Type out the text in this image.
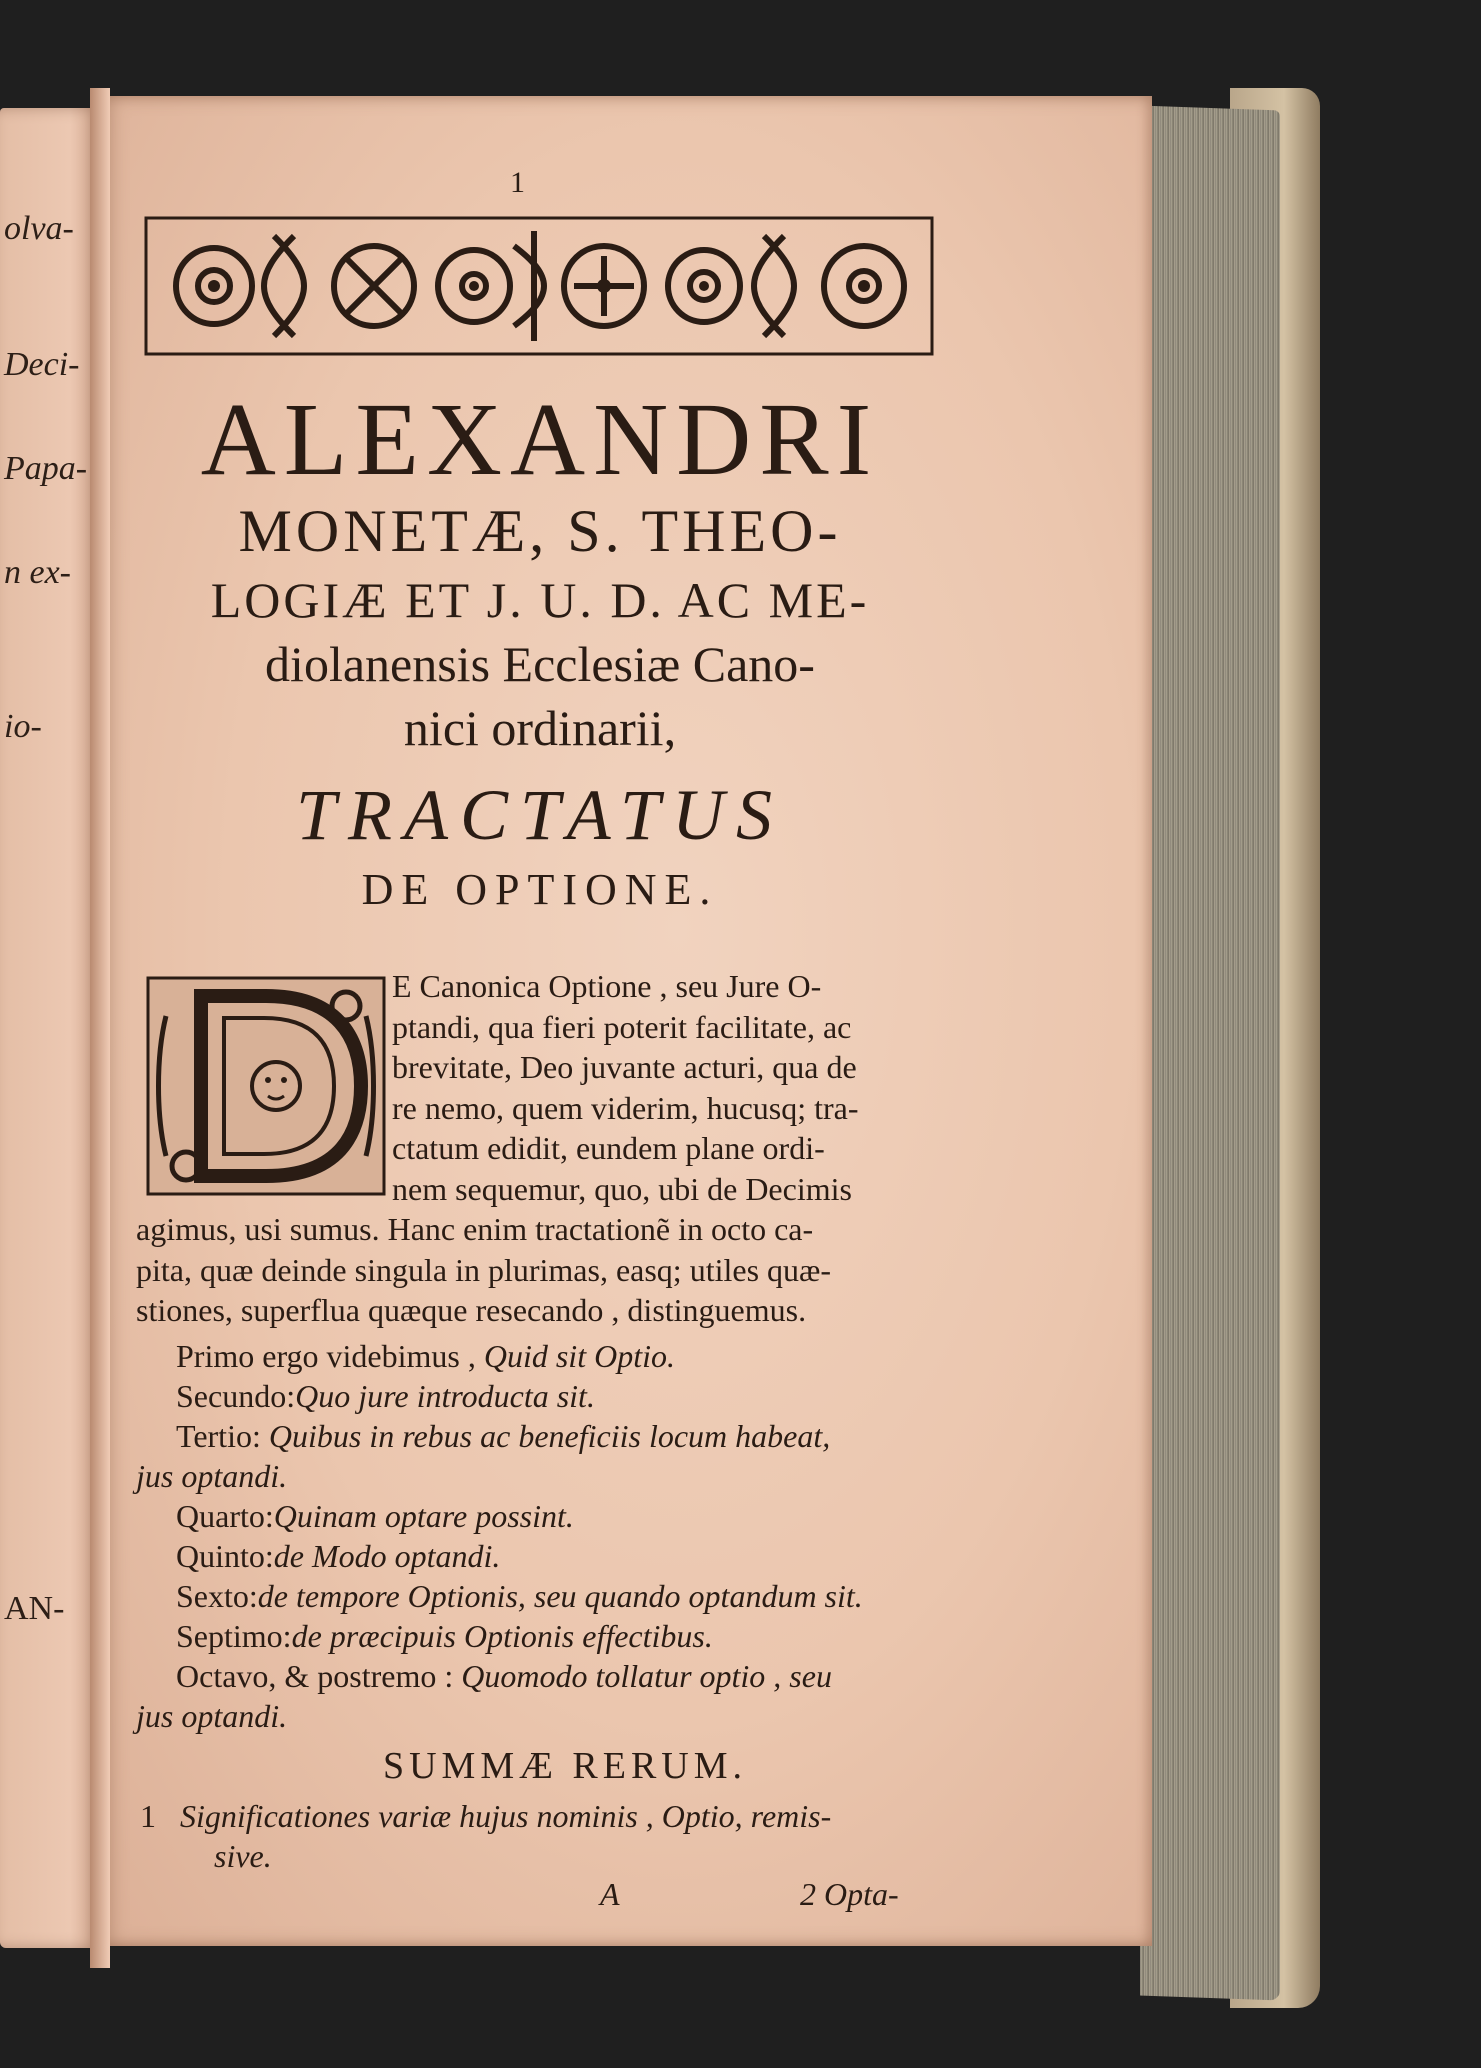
olva-
Deci-
Papa-
n ex-
io-
AN-
1
ALEXANDRI
MONETÆ, S. THEO-
LOGIÆ ET J. U. D. AC ME-
diolanensis Ecclesiæ Cano-
nici ordinarii,
TRACTATUS
DE OPTIONE.

E Canonica Optione , seu Jure O-

ptandi, qua fieri poterit facilitate, ac

brevitate, Deo juvante acturi, qua de

re nemo, quem viderim, hucusq; tra-

ctatum edidit, eundem plane ordi-

nem sequemur, quo, ubi de Decimis

agimus, usi sumus. Hanc enim tractationẽ in octo ca-

pita, quæ deinde singula in plurimas, easq; utiles quæ-

stiones, superflua quæque resecando , distinguemus.

Primo ergo videbimus , Quid sit Optio.
Secundo:Quo jure introducta sit.
Tertio: Quibus in rebus ac beneficiis locum habeat,
jus optandi.
Quarto:Quinam optare possint.
Quinto:de Modo optandi.
Sexto:de tempore Optionis, seu quando optandum sit.
Septimo:de præcipuis Optionis effectibus.
Octavo, & postremo : Quomodo tollatur optio , seu
jus optandi.
SUMMÆ RERUM.
1 Significationes variæ hujus nominis , Optio, remis-
sive.
A	2 Opta-
